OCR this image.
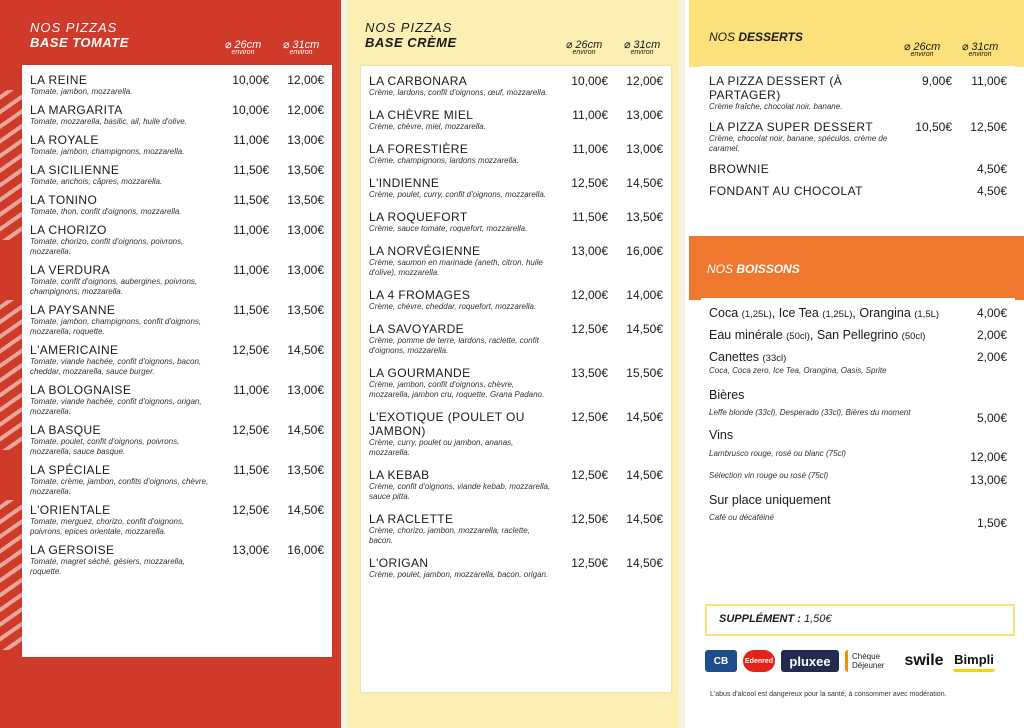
NOS PIZZAS
BASE TOMATE	⌀ 26cm
environ
⌀ 31cm
environ
LA REINE
Tomate, jambon, mozzarella.
10,00€	12,00€
LA MARGARITA
Tomate, mozzarella, basilic, ail, huile d'olive.
10,00€	12,00€
LA ROYALE
Tomate, jambon, champignons, mozzarella.
11,00€	13,00€
LA SICILIENNE
Tomate, anchois, câpres, mozzarella.
11,50€	13,50€
LA TONINO
Tomate, thon, confit d'oignons, mozzarella.
11,50€	13,50€
LA CHORIZO
Tomate, chorizo, confit d'oignons, poivrons, mozzarella.
11,00€	13,00€
LA VERDURA
Tomate, confit d'oignons, aubergines, poivrons, champignons, mozzarella.
11,00€	13,00€
LA PAYSANNE
Tomate, jambon, champignons, confit d'oignons, mozzarella, roquette.
11,50€	13,50€
L'AMERICAINE
Tomate, viande hachée, confit d'oignons, bacon, cheddar, mozzarella, sauce burger.
12,50€	14,50€
LA BOLOGNAISE
Tomate, viande hachée, confit d'oignons, origan, mozzarella.
11,00€	13,00€
LA BASQUE
Tomate, poulet, confit d'oignons, poivrons, mozzarella, sauce basque.
12,50€	14,50€
LA SPÉCIALE
Tomate, crème, jambon, confits d'oignons, chèvre, mozzarella.
11,50€	13,50€
L'ORIENTALE
Tomate, merguez, chorizo, confit d'oignons, poivrons, epices orientale, mozzarella.
12,50€	14,50€
LA GERSOISE
Tomate, magret séché, gésiers, mozzarella, roquette.
13,00€	16,00€
NOS PIZZAS
BASE CRÈME	⌀ 26cm
environ
⌀ 31cm
environ
LA CARBONARA
Crème, lardons, confit d'oignons, œuf, mozzarella.
10,00€	12,00€
LA CHÈVRE MIEL
Crème, chèvre, miel, mozzarella.
11,00€	13,00€
LA FORESTIÈRE
Crème, champignons, lardons mozzarella.
11,00€	13,00€
L'INDIENNE
Crème, poulet, curry, confit d'oignons, mozzarella.
12,50€	14,50€
LA ROQUEFORT
Crème, sauce tomate, roquefort, mozzarella.
11,50€	13,50€
LA NORVÉGIENNE
Crème, saumon en marinade (aneth, citron, huile d'olive), mozzarella.
13,00€	16,00€
LA 4 FROMAGES
Crème, chèvre, cheddar, roquefort, mozzarella.
12,00€	14,00€
LA SAVOYARDE
Crème, pomme de terre, lardons, raclette, confit d'oignons, mozzarella.
12,50€	14,50€
LA GOURMANDE
Crème, jambon, confit d'oignons, chèvre, mozzarella, jambon cru, roquette, Grana Padano.
13,50€	15,50€
L'EXOTIQUE (POULET OU JAMBON)
Crème, curry, poulet ou jambon, ananas, mozzarella.
12,50€	14,50€
LA KEBAB
Crème, confit d'oignons, viande kebab, mozzarella, sauce pitta.
12,50€	14,50€
LA RACLETTE
Crème, chorizo, jambon, mozzarella, raclette, bacon.
12,50€	14,50€
L'ORIGAN
Crème, poulet, jambon, mozzarella, bacon, origan.
12,50€	14,50€
NOS DESSERTS
⌀ 26cm
environ
⌀ 31cm
environ
LA PIZZA DESSERT (À PARTAGER)
Crème fraîche, chocolat noir, banane.
9,00€	11,00€
LA PIZZA SUPER DESSERT
Crème, chocolat noir, banane, spéculos, crème de caramel.
10,50€	12,50€
BROWNIE	4,50€
FONDANT AU CHOCOLAT	4,50€
NOS BOISSONS
Coca (1,25L), Ice Tea (1,25L), Orangina (1,5L)	4,00€
Eau minérale (50cl), San Pellegrino (50cl)	2,00€
Canettes (33cl)
Coca, Coca zero, Ice Tea, Orangina, Oasis, Sprite
2,00€
Bières
Leffe blonde (33cl), Desperado (33cl), Bières du moment	5,00€
Vins
Lambrusco rouge, rosé ou blanc (75cl)	12,00€
Sélection vin rouge ou rosé (75cl)	13,00€
Sur place uniquement
Café ou décaféiné	1,50€
SUPPLÉMENT : 1,50€
CB	Edenred	pluxee	Chèque Déjeuner	swile Bimpli
L'abus d'alcool est dangereux pour la santé, à consommer avec modération.
